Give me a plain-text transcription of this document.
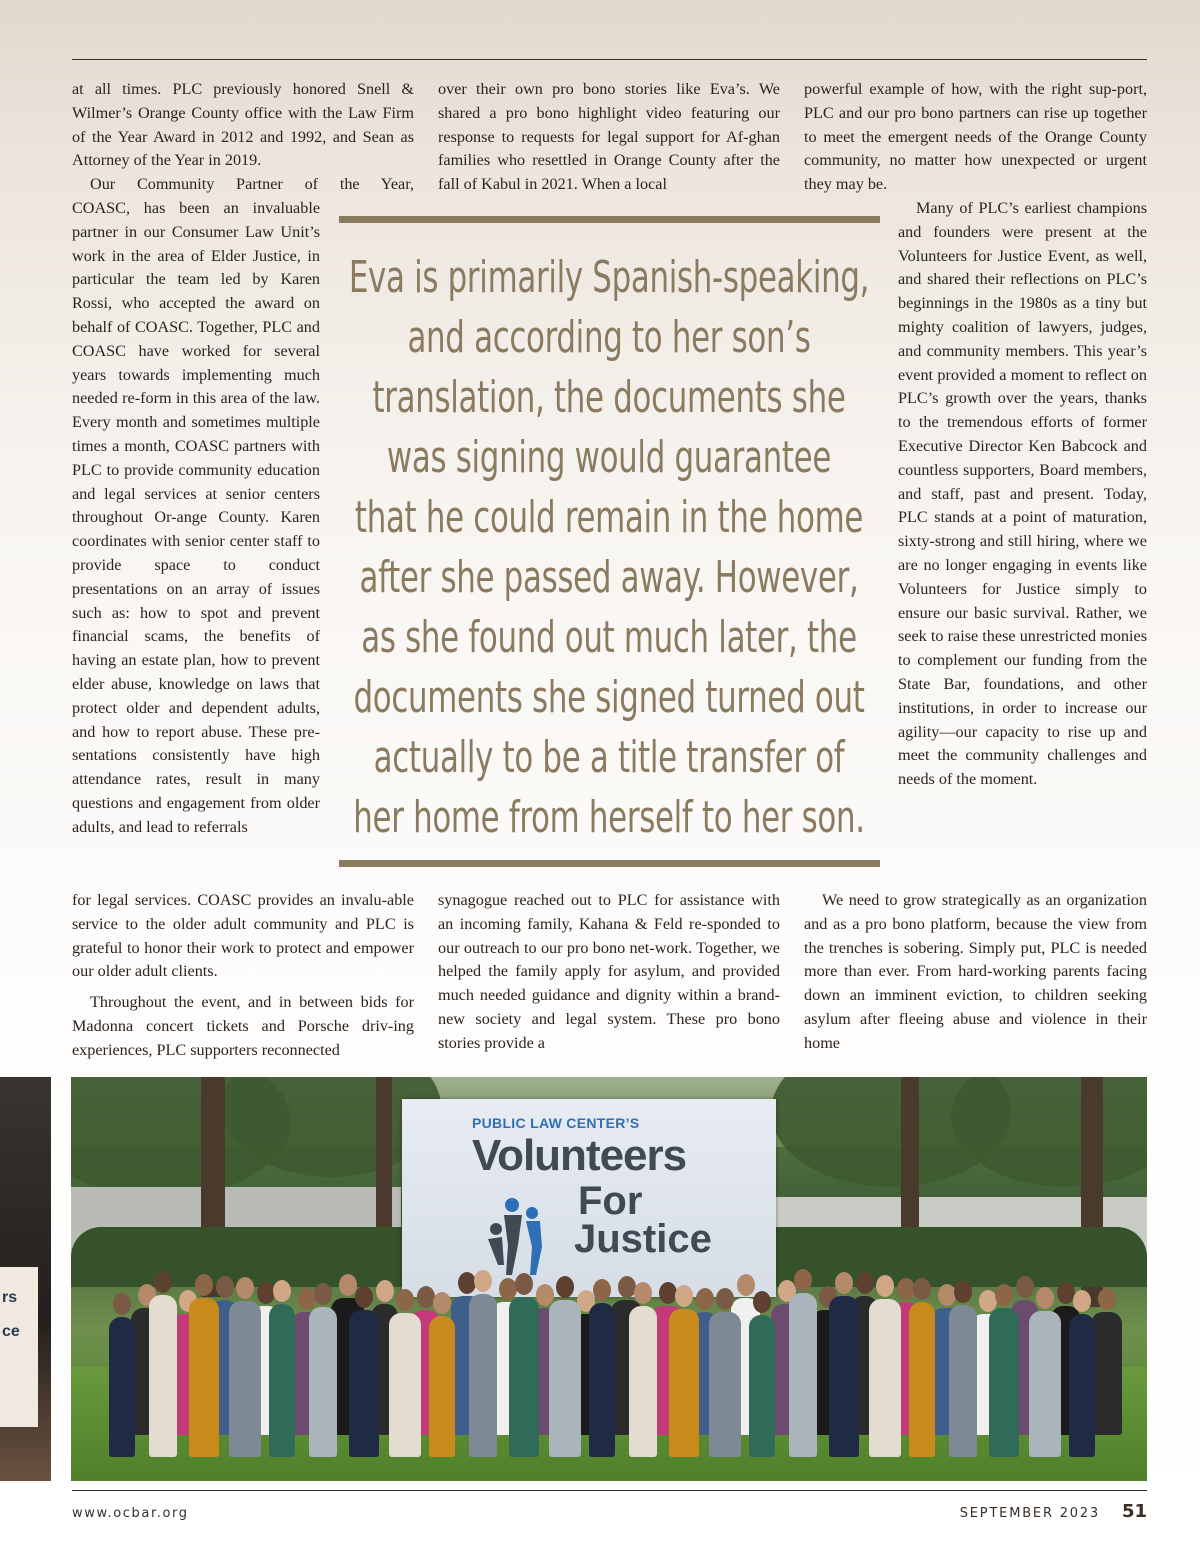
at all times. PLC previously honored Snell & Wilmer’s Orange County office with the Law Firm of the Year Award in 2012 and 1992, and Sean as Attorney of the Year in 2019.

Our Community Partner of the Year,

COASC, has been an invaluable partner in our Consumer Law Unit’s work in the area of Elder Justice, in particular the team led by Karen Rossi, who accepted the award on behalf of COASC. Together, PLC and COASC have worked for several years towards implementing much needed re-form in this area of the law. Every month and sometimes multiple times a month, COASC partners with PLC to provide community education and legal services at senior centers throughout Or-ange County. Karen coordinates with senior center staff to provide space to conduct presentations on an array of issues such as: how to spot and prevent financial scams, the benefits of having an estate plan, how to prevent elder abuse, knowledge on laws that protect older and dependent adults, and how to report abuse. These pre-sentations consistently have high attendance rates, result in many questions and engagement from older adults, and lead to referrals

for legal services. COASC provides an invalu-able service to the older adult community and PLC is grateful to honor their work to protect and empower our older adult clients.

Throughout the event, and in between bids for Madonna concert tickets and Porsche driv-ing experiences, PLC supporters reconnected

over their own pro bono stories like Eva’s. We shared a pro bono highlight video featuring our response to requests for legal support for Af-ghan families who resettled in Orange County after the fall of Kabul in 2021. When a local

synagogue reached out to PLC for assistance with an incoming family, Kahana & Feld re-sponded to our outreach to our pro bono net-work. Together, we helped the family apply for asylum, and provided much needed guidance and dignity within a brand-new society and legal system. These pro bono stories provide a

powerful example of how, with the right sup-port, PLC and our pro bono partners can rise up together to meet the emergent needs of the Orange County community, no matter how unexpected or urgent they may be.

Many of PLC’s earliest champions and founders were present at the Volunteers for Justice Event, as well, and shared their reflections on PLC’s beginnings in the 1980s as a tiny but mighty coalition of lawyers, judges, and community members. This year’s event provided a moment to reflect on PLC’s growth over the years, thanks to the tremendous efforts of former Executive Director Ken Babcock and countless supporters, Board members, and staff, past and present. Today, PLC stands at a point of maturation, sixty-strong and still hiring, where we are no longer engaging in events like Volunteers for Justice simply to ensure our basic survival. Rather, we seek to raise these unrestricted monies to complement our funding from the State Bar, foundations, and other institutions, in order to increase our agility—our capacity to rise up and meet the community challenges and needs of the moment.

We need to grow strategically as an organization and as a pro bono platform, because the view from the trenches is sobering. Simply put, PLC is needed more than ever. From hard-working parents facing down an imminent eviction, to children seeking asylum after fleeing abuse and violence in their home

Eva is primarily Spanish-speaking,
and according to her son’s
translation, the documents she
was signing would guarantee
that he could remain in the home
after she passed away. However,
as she found out much later, the
documents she signed turned out
actually to be a title transfer of
her home from herself to her son.
rs
ce
PUBLIC LAW CENTER’S
Volunteers
For
Justice
www.ocbar.org	SEPTEMBER 2023 51
